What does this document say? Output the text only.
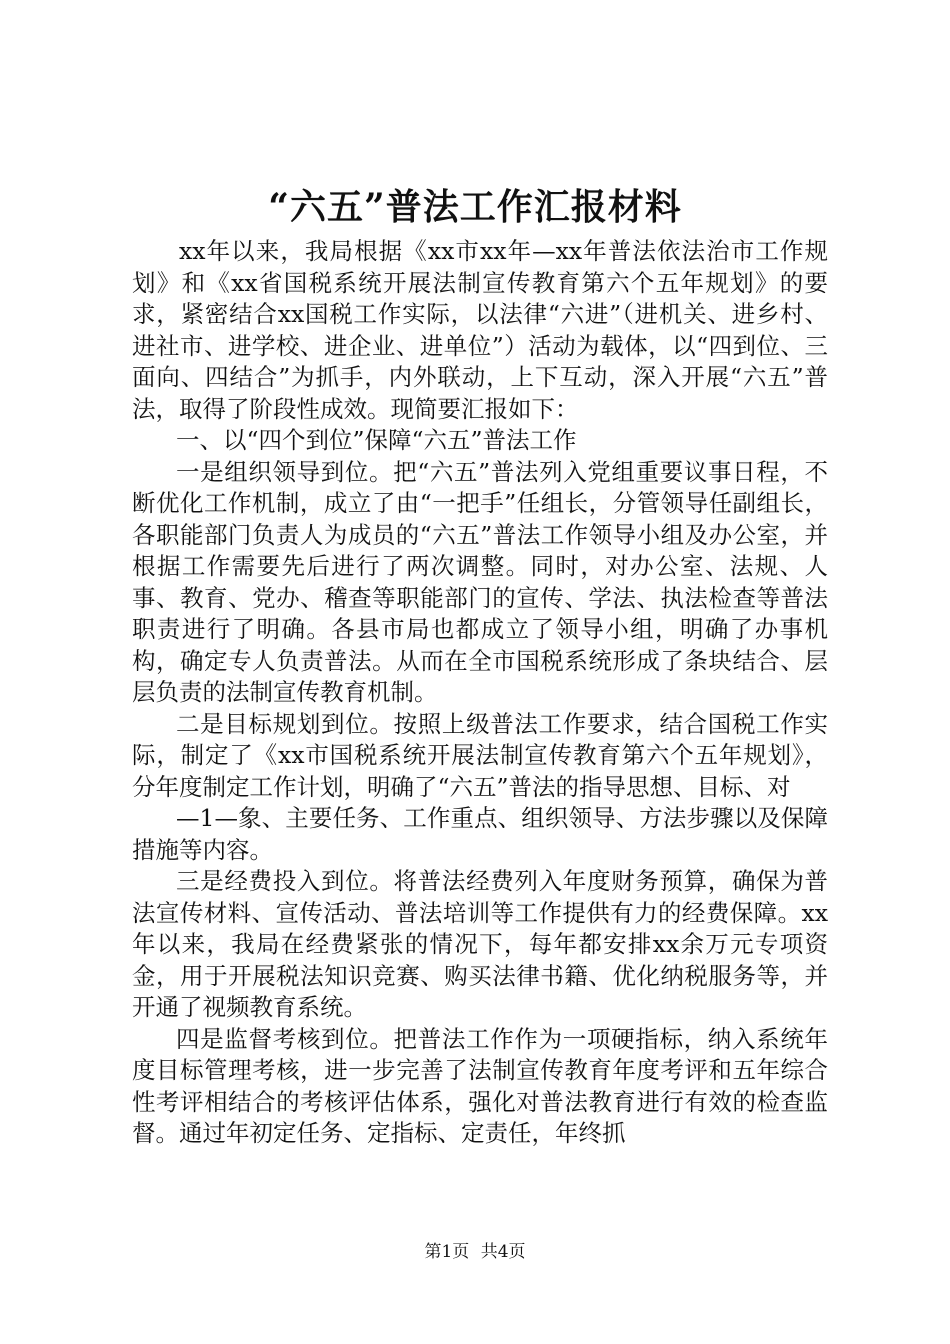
“六五”普法工作汇报材料

xx年以来，我局根据《xx市xx年—xx年普法依法治市工作规划》和《xx省国税系统开展法制宣传教育第六个五年规划》的要求，紧密结合xx国税工作实际，以法律“六进”（进机关、进乡村、进社市、进学校、进企业、进单位”）活动为载体，以“四到位、三面向、四结合”为抓手，内外联动，上下互动，深入开展“六五”普法，取得了阶段性成效。现简要汇报如下：

一、以“四个到位”保障“六五”普法工作

一是组织领导到位。把“六五”普法列入党组重要议事日程，不断优化工作机制，成立了由“一把手”任组长，分管领导任副组长，各职能部门负责人为成员的“六五”普法工作领导小组及办公室，并根据工作需要先后进行了两次调整。同时，对办公室、法规、人事、教育、党办、稽查等职能部门的宣传、学法、执法检查等普法职责进行了明确。各县市局也都成立了领导小组，明确了办事机构，确定专人负责普法。从而在全市国税系统形成了条块结合、层层负责的法制宣传教育机制。

二是目标规划到位。按照上级普法工作要求，结合国税工作实际，制定了《xx市国税系统开展法制宣传教育第六个五年规划》，分年度制定工作计划，明确了“六五”普法的指导思想、目标、对

—1—象、主要任务、工作重点、组织领导、方法步骤以及保障措施等内容。

三是经费投入到位。将普法经费列入年度财务预算，确保为普法宣传材料、宣传活动、普法培训等工作提供有力的经费保障。xx年以来，我局在经费紧张的情况下，每年都安排xx余万元专项资金，用于开展税法知识竞赛、购买法律书籍、优化纳税服务等，并开通了视频教育系统。

四是监督考核到位。把普法工作作为一项硬指标，纳入系统年度目标管理考核，进一步完善了法制宣传教育年度考评和五年综合性考评相结合的考核评估体系，强化对普法教育进行有效的检查监督。通过年初定任务、定指标、定责任，年终抓

第1页 共4页
